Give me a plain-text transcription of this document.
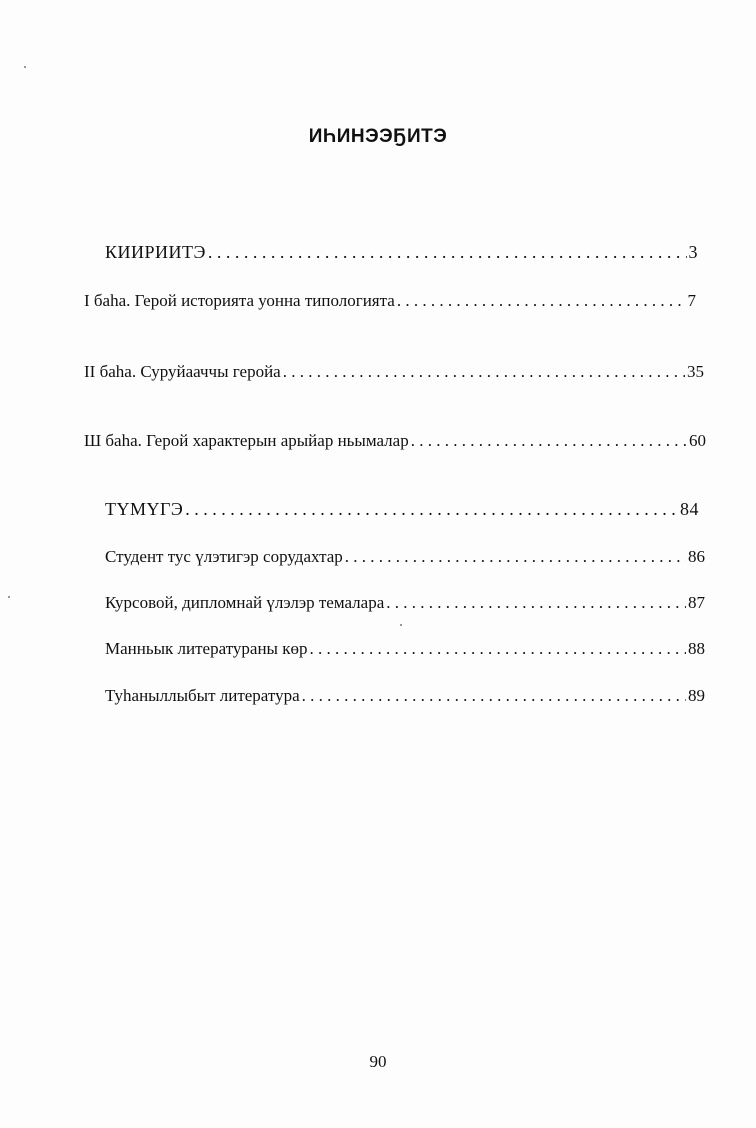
ИҺИНЭЭҔИТЭ
КИИРИИТЭ . . .	3
I баһа. Герой историята уонна типологията . . .	7
II баһа. Суруйааччы геройа . . .	35
Ш баһа. Герой характерын арыйар ньымалар . . .	60
ТҮМҮГЭ . . .	84
Студент тус үлэтигэр сорудахтар . . .	86
Курсовой, дипломнай үлэлэр темалара . . .	87
Манньык литератураны көр . . .	88
Туһаныллыбыт литература . . .	89
90
